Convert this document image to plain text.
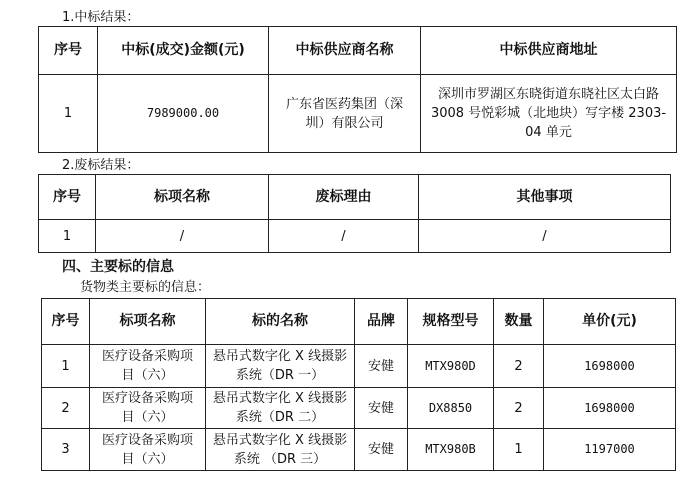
1.中标结果：
序号	中标(成交)金额(元)	中标供应商名称	中标供应商地址
1	7989000.00	广东省医药集团（深圳）有限公司	深圳市罗湖区东晓街道东晓社区太白路 3008 号悦彩城（北地块）写字楼 2303-04 单元
2.废标结果：
序号	标项名称	废标理由	其他事项
1	/	/	/
四、主要标的信息
货物类主要标的信息：
序号	标项名称	标的名称	品牌	规格型号	数量	单价(元)
1	医疗设备采购项目（六）	悬吊式数字化 X 线摄影系统（DR 一）	安健	MTX980D	2	1698000
2	医疗设备采购项目（六）	悬吊式数字化 X 线摄影系统（DR 二）	安健	DX8850	2	1698000
3	医疗设备采购项目（六）	悬吊式数字化 X 线摄影系统 （DR 三）	安健	MTX980B	1	1197000
